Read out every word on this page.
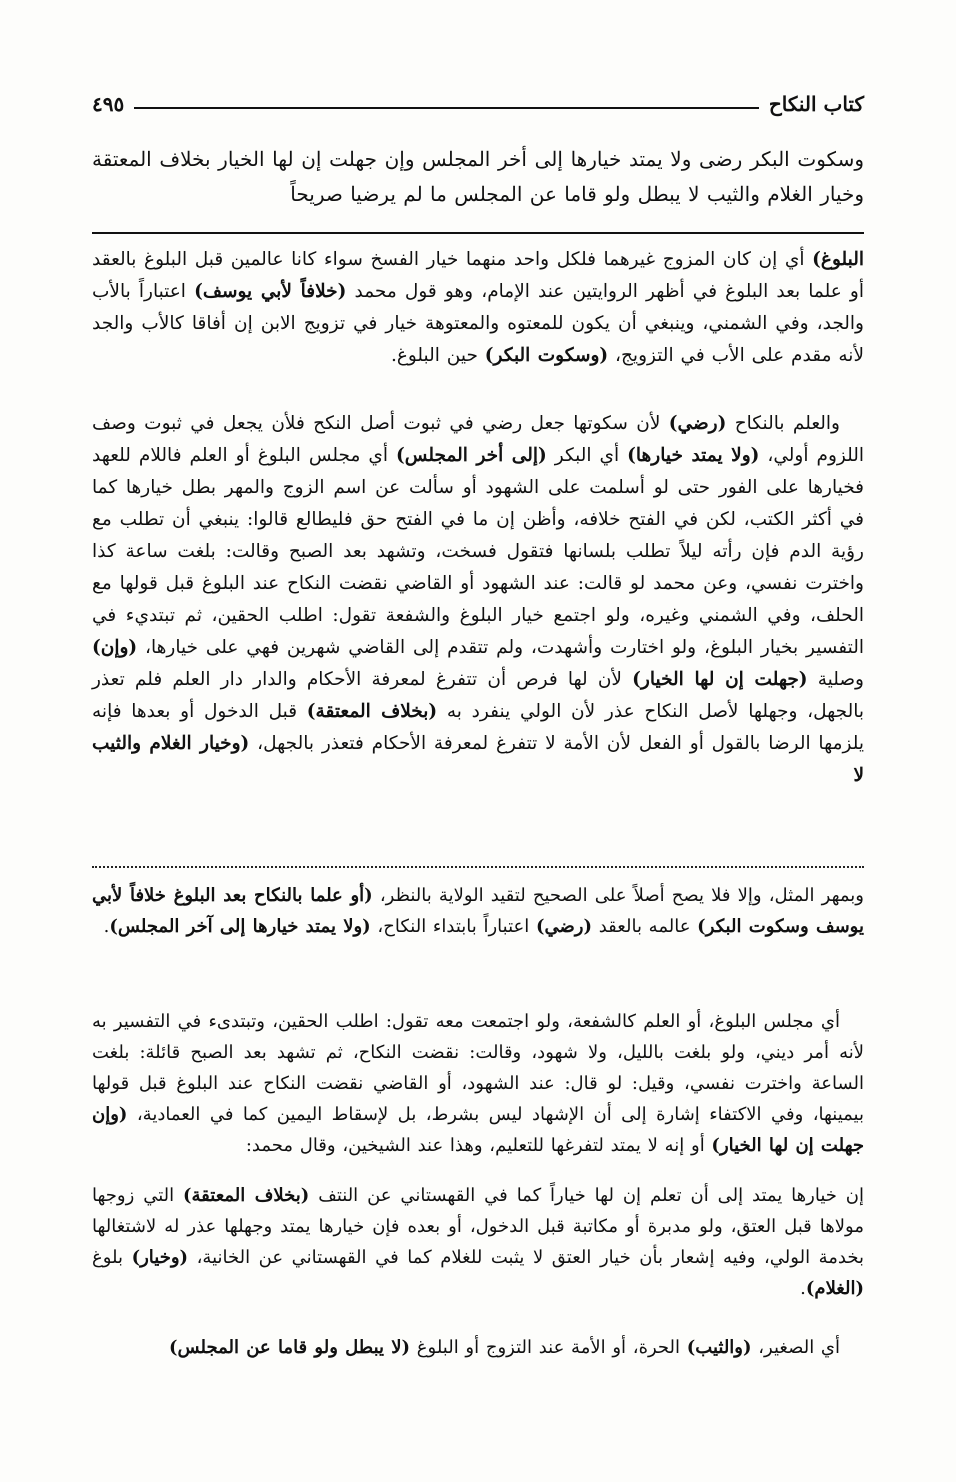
كتاب النكاح
٤٩٥
وسكوت البكر رضى ولا يمتد خيارها إلى أخر المجلس وإن جهلت إن لها الخيار بخلاف المعتقة وخيار الغلام والثيب لا يبطل ولو قاما عن المجلس ما لم يرضيا صريحاً
البلوغ) أي إن كان المزوج غيرهما فلكل واحد منهما خيار الفسخ سواء كانا عالمين قبل البلوغ بالعقد أو علما بعد البلوغ في أظهر الروايتين عند الإمام، وهو قول محمد (خلافاً لأبي يوسف) اعتباراً بالأب والجد، وفي الشمني، وينبغي أن يكون للمعتوه والمعتوهة خيار في تزويج الابن إن أفاقا كالأب والجد لأنه مقدم على الأب في التزويج، (وسكوت البكر) حين البلوغ.
والعلم بالنكاح (رضي) لأن سكوتها جعل رضي في ثبوت أصل النكح فلأن يجعل في ثبوت وصف اللزوم أولي، (ولا يمتد خيارها) أي البكر (إلى أخر المجلس) أي مجلس البلوغ أو العلم فاللام للعهد فخيارها على الفور حتى لو أسلمت على الشهود أو سألت عن اسم الزوج والمهر بطل خيارها كما في أكثر الكتب، لكن في الفتح خلافه، وأظن إن ما في الفتح حق فليطالع قالوا: ينبغي أن تطلب مع رؤية الدم فإن رأته ليلاً تطلب بلسانها فتقول فسخت، وتشهد بعد الصبح وقالت: بلغت ساعة كذا واخترت نفسي، وعن محمد لو قالت: عند الشهود أو القاضي نقضت النكاح عند البلوغ قبل قولها مع الحلف، وفي الشمني وغيره، ولو اجتمع خيار البلوغ والشفعة تقول: اطلب الحقين، ثم تبتديء في التفسير بخيار البلوغ، ولو اختارت وأشهدت، ولم تتقدم إلى القاضي شهرين فهي على خيارها، (وإن) وصلية (جهلت إن لها الخيار) لأن لها فرص أن تتفرغ لمعرفة الأحكام والدار دار العلم فلم تعذر بالجهل، وجهلها لأصل النكاح عذر لأن الولي ينفرد به (بخلاف المعتقة) قبل الدخول أو بعدها فإنه يلزمها الرضا بالقول أو الفعل لأن الأمة لا تتفرغ لمعرفة الأحكام فتعذر بالجهل، (وخيار الغلام والثيب لا
وبمهر المثل، وإلا فلا يصح أصلاً على الصحيح لتقيد الولاية بالنظر، (أو علما بالنكاح بعد البلوغ خلافاً لأبي يوسف وسكوت البكر) عالمه بالعقد (رضي) اعتباراً بابتداء النكاح، (ولا يمتد خيارها إلى آخر المجلس).
أي مجلس البلوغ، أو العلم كالشفعة، ولو اجتمعت معه تقول: اطلب الحقين، وتبتدىء في التفسير به لأنه أمر ديني، ولو بلغت بالليل، ولا شهود، وقالت: نقضت النكاح، ثم تشهد بعد الصبح قائلة: بلغت الساعة واخترت نفسي، وقيل: لو قال: عند الشهود، أو القاضي نقضت النكاح عند البلوغ قبل قولها بيمينها، وفي الاكتفاء إشارة إلى أن الإشهاد ليس بشرط، بل لإسقاط اليمين كما في العمادية، (وإن جهلت إن لها الخيار) أو إنه لا يمتد لتفرغها للتعليم، وهذا عند الشيخين، وقال محمد:
إن خيارها يمتد إلى أن تعلم إن لها خياراً كما في القهستاني عن النتف (بخلاف المعتقة) التي زوجها مولاها قبل العتق، ولو مدبرة أو مكاتبة قبل الدخول، أو بعده فإن خيارها يمتد وجهلها عذر له لاشتغالها بخدمة الولي، وفيه إشعار بأن خيار العتق لا يثبت للغلام كما في القهستاني عن الخانية، (وخيار) بلوغ (الغلام).
أي الصغير، (والثيب) الحرة، أو الأمة عند التزوج أو البلوغ (لا يبطل ولو قاما عن المجلس)
